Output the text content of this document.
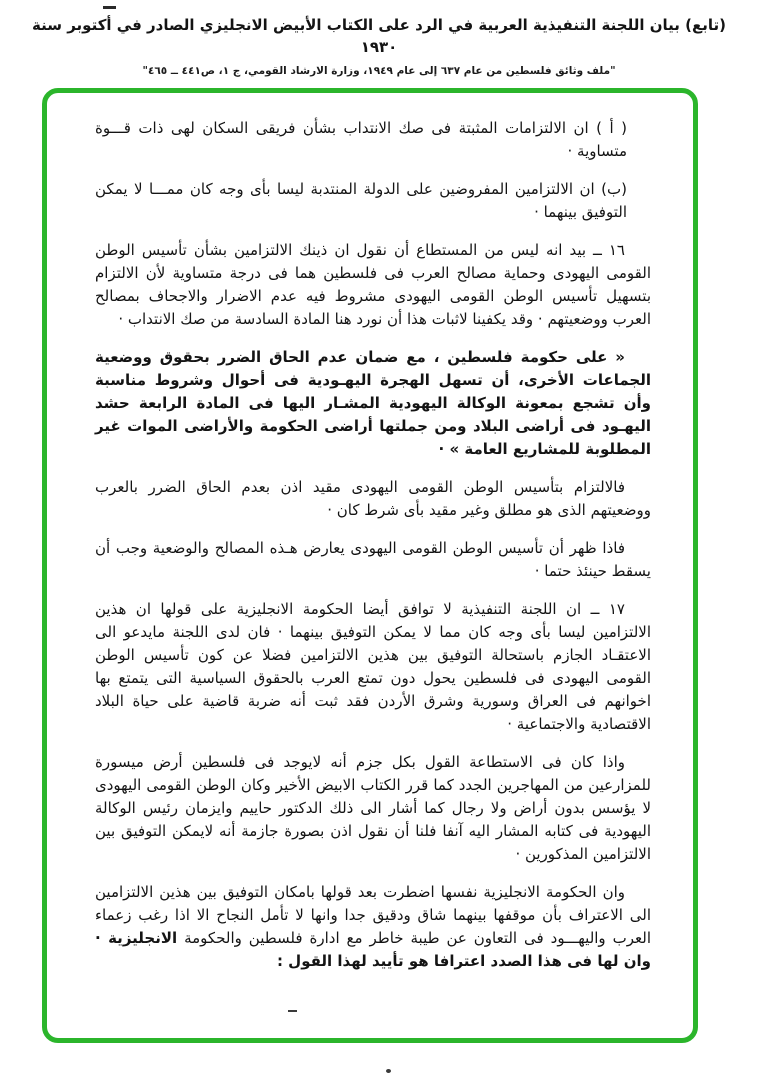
(تابع) بيان اللجنة التنفيذية العربية في الرد على الكتاب الأبيض الانجليزي الصادر في أكتوبر سنة ١٩٣٠
"ملف وثائق فلسطين من عام ٦٣٧ إلى عام ١٩٤٩، وزارة الارشاد القومي، ج ١، ص٤٤١ ــ ٤٦٥"

( أ ) ان الالتزامات المثبتة فى صك الانتداب بشأن فريقى السكان لهى ذات قـــوة متساوية ·

(ب) ان الالتزامين المفروضين على الدولة المنتدبة ليسا بأى وجه كان ممـــا لا يمكن التوفيق بينهما ·

١٦ ــ بيد انه ليس من المستطاع أن نقول ان ذينك الالتزامين بشأن تأسيس الوطن القومى اليهودى وحماية مصالح العرب فى فلسطين هما فى درجة متساوية لأن الالتزام بتسهيل تأسيس الوطن القومى اليهودى مشروط فيه عدم الاضرار والاجحاف بمصالح العرب ووضعيتهم · وقد يكفينا لاثبات هذا أن نورد هنا المادة السادسة من صك الانتداب ·

« على حكومة فلسطين ، مع ضمان عدم الحاق الضرر بحقوق ووضعية الجماعات الأخرى، أن تسهل الهجرة اليهـودية فى أحوال وشروط مناسبة وأن تشجع بمعونة الوكالة اليهودية المشـار اليها فى المادة الرابعة حشد اليهـود فى أراضى البلاد ومن جملتها أراضى الحكومة والأراضى الموات غير المطلوبة للمشاريع العامة » ·

فالالتزام بتأسيس الوطن القومى اليهودى مقيد اذن بعدم الحاق الضرر بالعرب ووضعيتهم الذى هو مطلق وغير مقيد بأى شرط كان ·

فاذا ظهر أن تأسيس الوطن القومى اليهودى يعارض هـذه المصالح والوضعية وجب أن يسقط حينئذ حتما ·

١٧ ــ ان اللجنة التنفيذية لا توافق أيضا الحكومة الانجليزية على قولها ان هذين الالتزامين ليسا بأى وجه كان مما لا يمكن التوفيق بينهما · فان لدى اللجنة مايدعو الى الاعتقـاد الجازم باستحالة التوفيق بين هذين الالتزامين فضلا عن كون تأسيس الوطن القومى اليهودى فى فلسطين يحول دون تمتع العرب بالحقوق السياسية التى يتمتع بها اخوانهم فى العراق وسورية وشرق الأردن فقد ثبت أنه ضربة قاضية على حياة البلاد الاقتصادية والاجتماعية ·

واذا كان فى الاستطاعة القول بكل جزم أنه لايوجد فى فلسطين أرض ميسورة للمزارعين من المهاجرين الجدد كما قرر الكتاب الابيض الأخير وكان الوطن القومى اليهودى لا يؤسس بدون أراض ولا رجال كما أشار الى ذلك الدكتور حاييم وايزمان رئيس الوكالة اليهودية فى كتابه المشار اليه آنفا فلنا أن نقول اذن بصورة جازمة أنه لايمكن التوفيق بين الالتزامين المذكورين ·

وان الحكومة الانجليزية نفسها اضطرت بعد قولها بامكان التوفيق بين هذين الالتزامين الى الاعتراف بأن موقفها بينهما شاق ودقيق جدا وانها لا تأمل النجاح الا اذا رغب زعماء العرب واليهـــود فى التعاون عن طيبة خاطر مع ادارة فلسطين والحكومة الانجليزية · وان لها فى هذا الصدد اعترافا هو تأييد لهذا القول :
